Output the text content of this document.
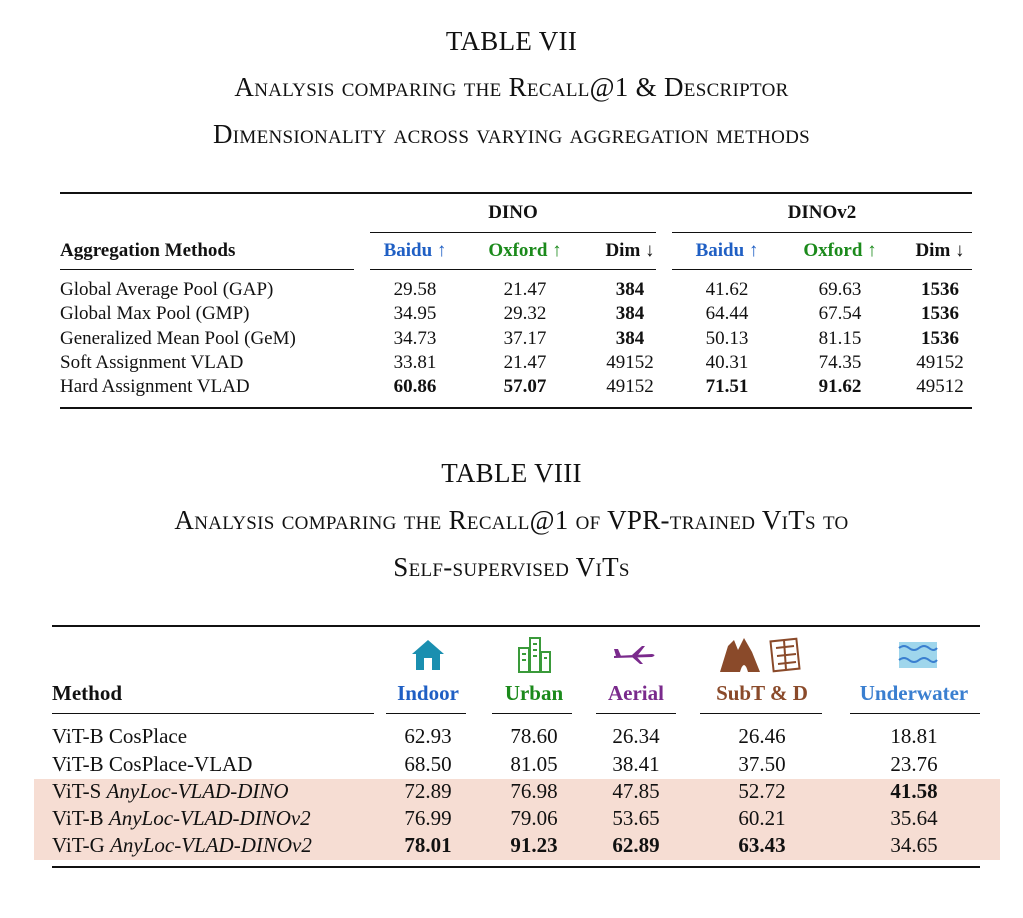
TABLE VII
Analysis comparing the Recall@1 & Descriptor
Dimensionality across varying aggregation methods
DINO	DINOv2
Aggregation Methods	Baidu ↑	Oxford ↑	Dim ↓	Baidu ↑	Oxford ↑	Dim ↓
Global Average Pool (GAP)	29.58	21.47	384	41.62	69.63	1536
Global Max Pool (GMP)	34.95	29.32	384	64.44	67.54	1536
Generalized Mean Pool (GeM)	34.73	37.17	384	50.13	81.15	1536
Soft Assignment VLAD	33.81	21.47	49152	40.31	74.35	49152
Hard Assignment VLAD	60.86	57.07	49152	71.51	91.62	49512
TABLE VIII
Analysis comparing the Recall@1 of VPR-trained ViTs to
Self-supervised ViTs
Method	Indoor	Urban	Aerial	SubT & D	Underwater
ViT-B CosPlace	62.93	78.60	26.34	26.46	18.81
ViT-B CosPlace-VLAD	68.50	81.05	38.41	37.50	23.76
ViT-S AnyLoc-VLAD-DINO	72.89	76.98	47.85	52.72	41.58
ViT-B AnyLoc-VLAD-DINOv2	76.99	79.06	53.65	60.21	35.64
ViT-G AnyLoc-VLAD-DINOv2	78.01	91.23	62.89	63.43	34.65
